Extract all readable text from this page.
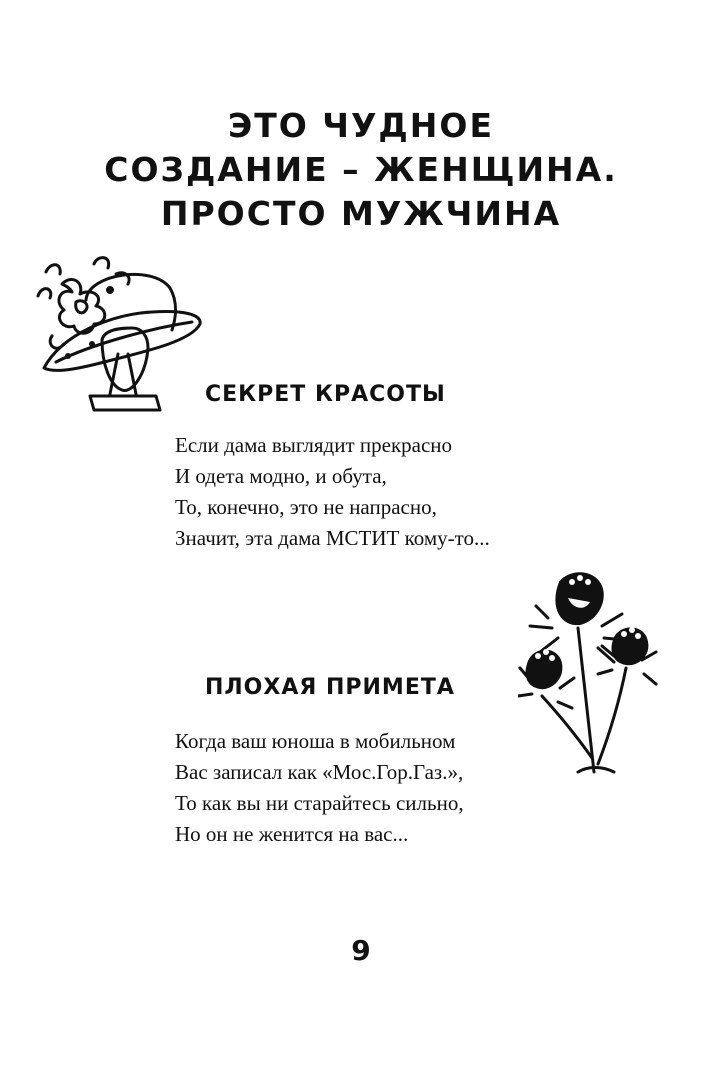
ЭТО ЧУДНОЕ
СОЗДАНИЕ – ЖЕНЩИНА.
ПРОСТО МУЖЧИНА
СЕКРЕТ КРАСОТЫ
Если дама выглядит прекрасно
И одета модно, и обута,
То, конечно, это не напрасно,
Значит, эта дама МСТИТ кому-то...
ПЛОХАЯ ПРИМЕТА
Когда ваш юноша в мобильном
Вас записал как «Мос.Гор.Газ.»,
То как вы ни старайтесь сильно,
Но он не женится на вас...
9
